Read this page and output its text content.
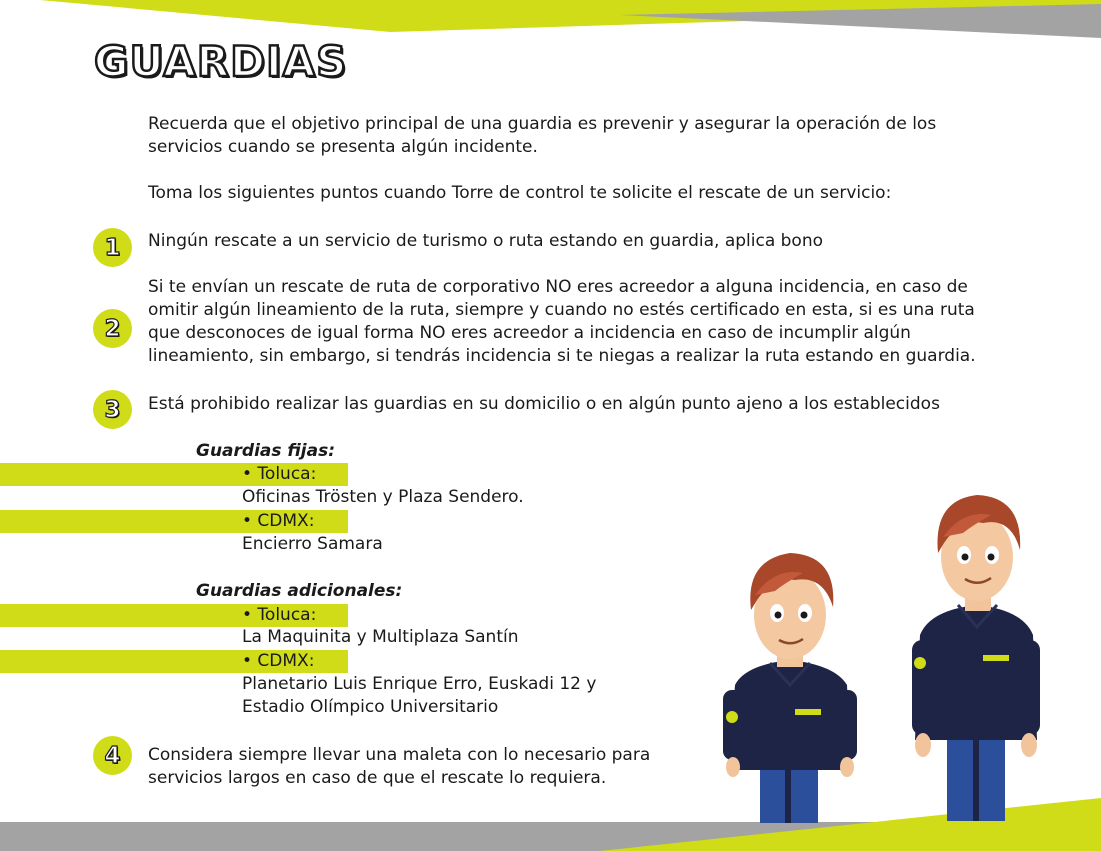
GUARDIAS
Recuerda que el objetivo principal de una guardia es prevenir y asegurar la operación de los
servicios cuando se presenta algún incidente.
Toma los siguientes puntos cuando Torre de control te solicite el rescate de un servicio:
1	Ningún rescate a un servicio de turismo o ruta estando en guardia, aplica bono
2
Si te envían un rescate de ruta de corporativo NO eres acreedor a alguna incidencia, en caso de
omitir algún lineamiento de la ruta, siempre y cuando no estés certificado en esta, si es una ruta
que desconoces de igual forma NO eres acreedor a incidencia en caso de incumplir algún
lineamiento, sin embargo, si tendrás incidencia si te niegas a realizar la ruta estando en guardia.
3	Está prohibido realizar las guardias en su domicilio o en algún punto ajeno a los establecidos
Guardias fijas:
• Toluca:
Oficinas Trösten y Plaza Sendero.
• CDMX:
Encierro Samara
Guardias adicionales:
• Toluca:
La Maquinita y Multiplaza Santín
• CDMX:
Planetario Luis Enrique Erro, Euskadi 12 y
Estadio Olímpico Universitario
4	Considera siempre llevar una maleta con lo necesario para
servicios largos en caso de que el rescate lo requiera.
